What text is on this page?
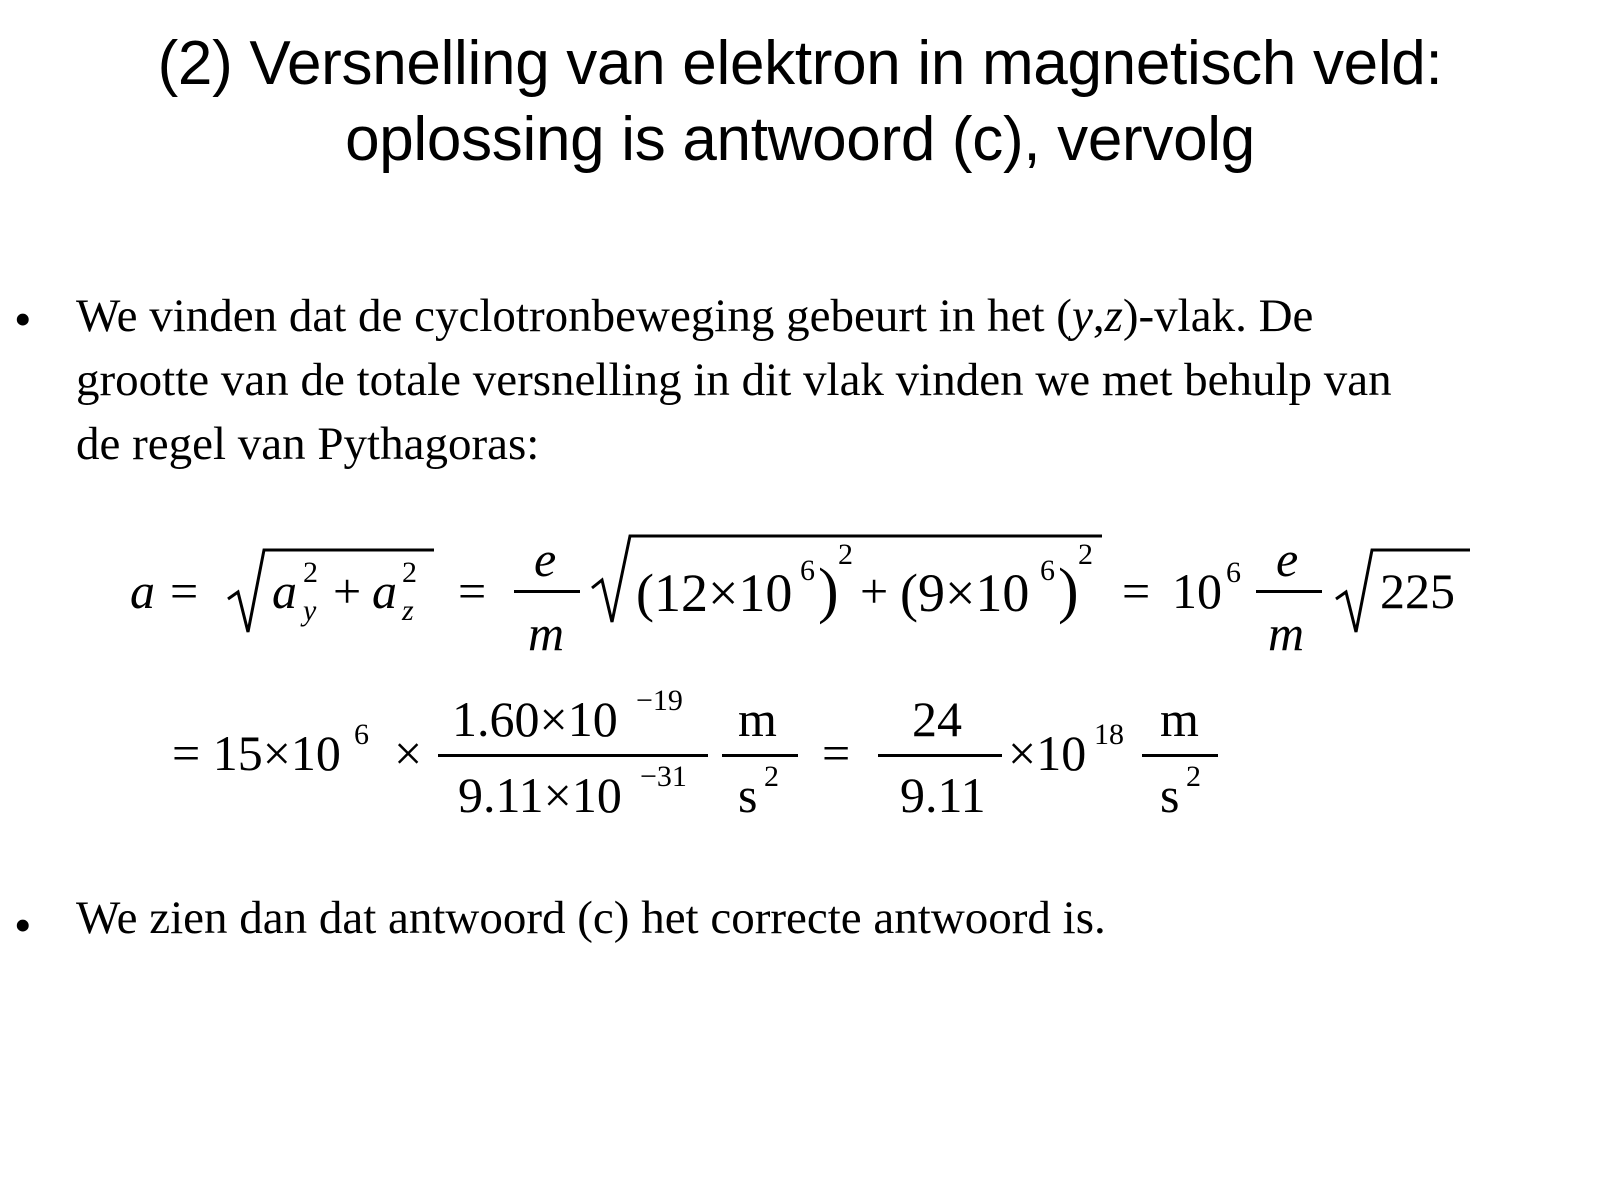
(2) Versnelling van elektron in magnetisch veld:
oplossing is antwoord (c), vervolg
• We vinden dat de cyclotronbeweging gebeurt in het (y,z)-vlak. De
grootte van de totale versnelling in dit vlak vinden we met behulp van
de regel van Pythagoras:
a = a 2
y + a 2
z =
e
m
(12×10 6 )
2
+ (9×10 6 )
2
= 10 6 e
m
225
= 15×10 6 ×
1.60×10 −19
9.11×10 −31
m
s 2 =
24
9.11
×10 18 m
s 2
• We zien dan dat antwoord (c) het correcte antwoord is.
